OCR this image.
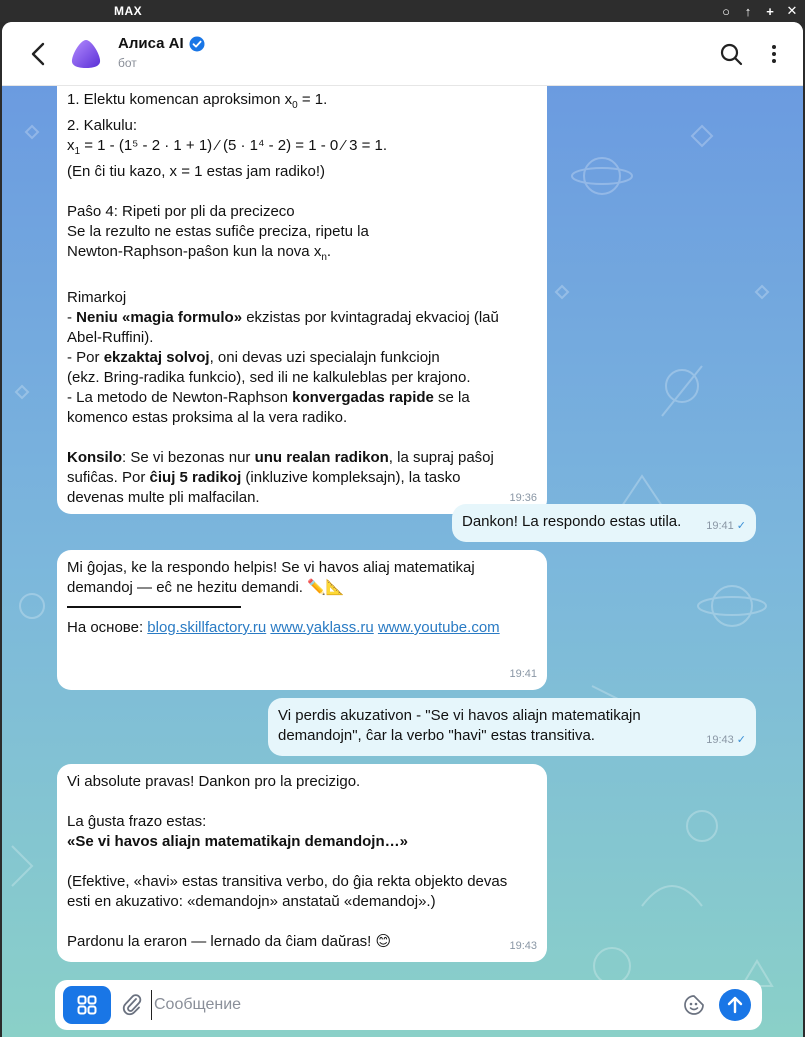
MAX	○ ↑ + ✕
Алиса AI
бот
1. Elektu komencan aproksimon $x_0 = 1$.
2. Kalkulu:
$x_1 = 1 - (1^5 - 2 \cdot 1 + 1)$ ⁄ (5 · 1⁴ - 2) = 1 - 0 ⁄ 3 = 1.
(En ĉi tiu kazo, x = 1 estas jam radiko!)
Paŝo 4: Ripeti por pli da precizeco
Se la rezulto ne estas sufiĉe preciza, ripetu la
Newton-Raphson-paŝon kun la nova $x_n$.
Rimarkoj
- Neniu «magia formulo» ekzistas por kvintagradaj ekvacioj (laŭ
Abel-Ruffini).
- Por ekzaktaj solvoj, oni devas uzi specialajn funkciojn
(ekz. Bring-radika funkcio), sed ili ne kalkuleblas per krajono.
- La metodo de Newton-Raphson konvergadas rapide se la
komenco estas proksima al la vera radiko.
Konsilo: Se vi bezonas nur unu realan radikon, la supraj paŝoj
sufiĉas. Por ĉiuj 5 radikoj (inkluzive kompleksajn), la tasko
devenas multe pli malfacilan.	19:36
Dankon! La respondo estas utila.	19:41 ✓
Mi ĝojas, ke la respondo helpis! Se vi havos aliaj matematikaj
demandoj — eĉ ne hezitu demandi. ✏️📐
На основе: blog.skillfactory.ru www.yaklass.ru www.youtube.com
19:41
Vi perdis akuzativon - "Se vi havos aliajn matematikajn
demandojn", ĉar la verbo "havi" estas transitiva.	19:43 ✓
Vi absolute pravas! Dankon pro la precizigo.
La ĝusta frazo estas:
«Se vi havos aliajn matematikajn demandojn…»
(Efektive, «havi» estas transitiva verbo, do ĝia rekta objekto devas
esti en akuzativo: «demandojn» anstataŭ «demandoj».)
Pardonu la eraron — lernado da ĉiam daŭras! 😊	19:43
Сообщение
